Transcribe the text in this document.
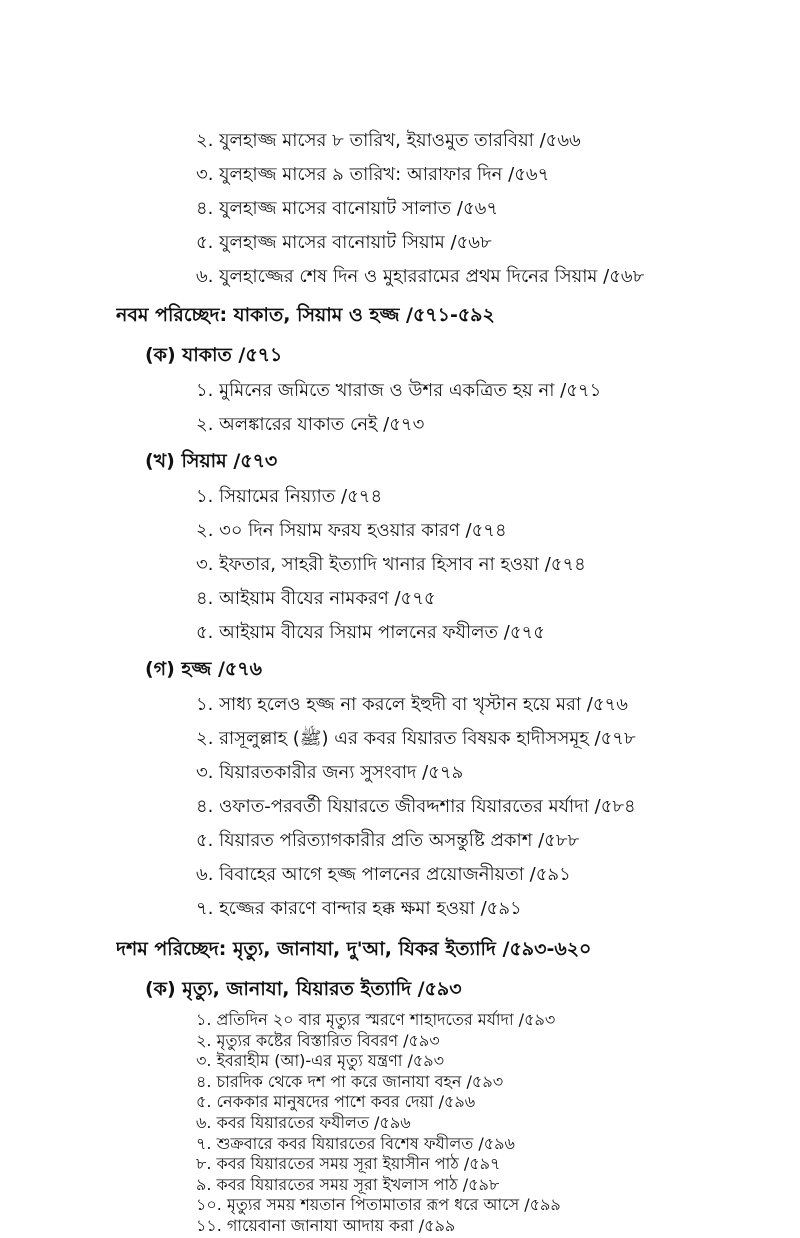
২. যুলহাজ্জ মাসের ৮ তারিখ, ইয়াওমুত তারবিয়া /৫৬৬
৩. যুলহাজ্জ মাসের ৯ তারিখ: আরাফার দিন /৫৬৭
৪. যুলহাজ্জ মাসের বানোয়াট সালাত /৫৬৭
৫. যুলহাজ্জ মাসের বানোয়াট সিয়াম /৫৬৮
৬. যুলহাজ্জের শেষ দিন ও মুহাররামের প্রথম দিনের সিয়াম /৫৬৮
নবম পরিচ্ছেদ: যাকাত, সিয়াম ও হজ্জ /৫৭১-৫৯২
(ক) যাকাত /৫৭১
১. মুমিনের জমিতে খারাজ ও উশর একত্রিত হয় না /৫৭১
২. অলঙ্কারের যাকাত নেই /৫৭৩
(খ) সিয়াম /৫৭৩
১. সিয়ামের নিয়্যাত /৫৭৪
২. ৩০ দিন সিয়াম ফরয হওয়ার কারণ /৫৭৪
৩. ইফতার, সাহরী ইত্যাদি খানার হিসাব না হওয়া /৫৭৪
৪. আইয়াম বীযের নামকরণ /৫৭৫
৫. আইয়াম বীযের সিয়াম পালনের ফযীলত /৫৭৫
(গ) হজ্জ /৫৭৬
১. সাধ্য হলেও হজ্জ না করলে ইহুদী বা খৃস্টান হয়ে মরা /৫৭৬
২. রাসূলুল্লাহ (ﷺ) এর কবর যিয়ারত বিষয়ক হাদীসসমূহ /৫৭৮
৩. যিয়ারতকারীর জন্য সুসংবাদ /৫৭৯
৪. ওফাত-পরবর্তী যিয়ারতে জীবদ্দশার যিয়ারতের মর্যাদা /৫৮৪
৫. যিয়ারত পরিত্যাগকারীর প্রতি অসন্তুষ্টি প্রকাশ /৫৮৮
৬. বিবাহের আগে হজ্জ পালনের প্রয়োজনীয়তা /৫৯১
৭. হজ্জের কারণে বান্দার হক্ক ক্ষমা হওয়া /৫৯১
দশম পরিচ্ছেদ: মৃত্যু, জানাযা, দু'আ, যিকর ইত্যাদি /৫৯৩-৬২০
(ক) মৃত্যু, জানাযা, যিয়ারত ইত্যাদি /৫৯৩
১. প্রতিদিন ২০ বার মৃত্যুর স্মরণে শাহাদতের মর্যাদা /৫৯৩
২. মৃত্যুর কষ্টের বিস্তারিত বিবরণ /৫৯৩
৩. ইবরাহীম (আ)-এর মৃত্যু যন্ত্রণা /৫৯৩
৪. চারদিক থেকে দশ পা করে জানাযা বহন /৫৯৩
৫. নেককার মানুষদের পাশে কবর দেয়া /৫৯৬
৬. কবর যিয়ারতের ফযীলত /৫৯৬
৭. শুক্রবারে কবর যিয়ারতের বিশেষ ফযীলত /৫৯৬
৮. কবর যিয়ারতের সময় সূরা ইয়াসীন পাঠ /৫৯৭
৯. কবর যিয়ারতের সময় সূরা ইখলাস পাঠ /৫৯৮
১০. মৃত্যুর সময় শয়তান পিতামাতার রূপ ধরে আসে /৫৯৯
১১. গায়েবানা জানাযা আদায় করা /৫৯৯
